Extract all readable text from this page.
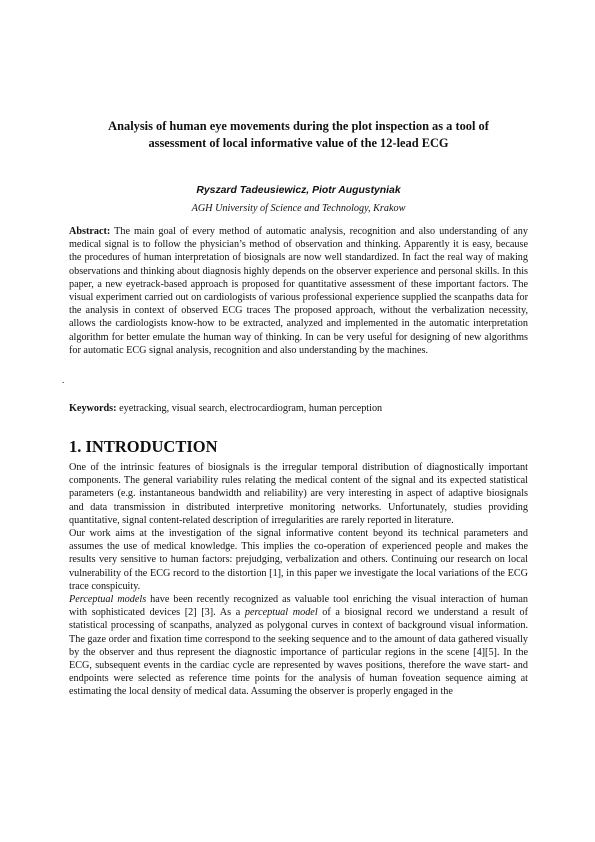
Analysis of human eye movements during the plot inspection as a tool of
assessment of local informative value of the 12-lead ECG
Ryszard Tadeusiewicz, Piotr Augustyniak
AGH University of Science and Technology, Krakow

Abstract: The main goal of every method of automatic analysis, recognition and also understanding of any medical signal is to follow the physician’s method of observation and thinking. Apparently it is easy, because the procedures of human interpretation of biosignals are now well standardized. In fact the real way of making observations and thinking about diagnosis highly depends on the observer experience and personal skills. In this paper, a new eyetrack-based approach is proposed for quantitative assessment of these important factors. The visual experiment carried out on cardiologists of various professional experience supplied the scanpaths data for the analysis in context of observed ECG traces The proposed approach, without the verbalization necessity, allows the cardiologists know-how to be extracted, analyzed and implemented in the automatic interpretation algorithm for better emulate the human way of thinking. In can be very useful for designing of new algorithms for automatic ECG signal analysis, recognition and also understanding by the machines.

.
Keywords: eyetracking, visual search, electrocardiogram, human perception
1. INTRODUCTION

One of the intrinsic features of biosignals is the irregular temporal distribution of diagnostically important components. The general variability rules relating the medical content of the signal and its expected statistical parameters (e.g. instantaneous bandwidth and reliability) are very interesting in aspect of adaptive biosignals and data transmission in distributed interpretive monitoring networks. Unfortunately, studies providing quantitative, signal content-related description of irregularities are rarely reported in literature.

Our work aims at the investigation of the signal informative content beyond its technical parameters and assumes the use of medical knowledge. This implies the co-operation of experienced people and makes the results very sensitive to human factors: prejudging, verbalization and others. Continuing our research on local vulnerability of the ECG record to the distortion [1], in this paper we investigate the local variations of the ECG trace conspicuity.

Perceptual models have been recently recognized as valuable tool enriching the visual interaction of human with sophisticated devices [2] [3]. As a perceptual model of a biosignal record we understand a result of statistical processing of scanpaths, analyzed as polygonal curves in context of background visual information. The gaze order and fixation time correspond to the seeking sequence and to the amount of data gathered visually by the observer and thus represent the diagnostic importance of particular regions in the scene [4][5]. In the ECG, subsequent events in the cardiac cycle are represented by waves positions, therefore the wave start- and endpoints were selected as reference time points for the analysis of human foveation sequence aiming at estimating the local density of medical data. Assuming the observer is properly engaged in the
